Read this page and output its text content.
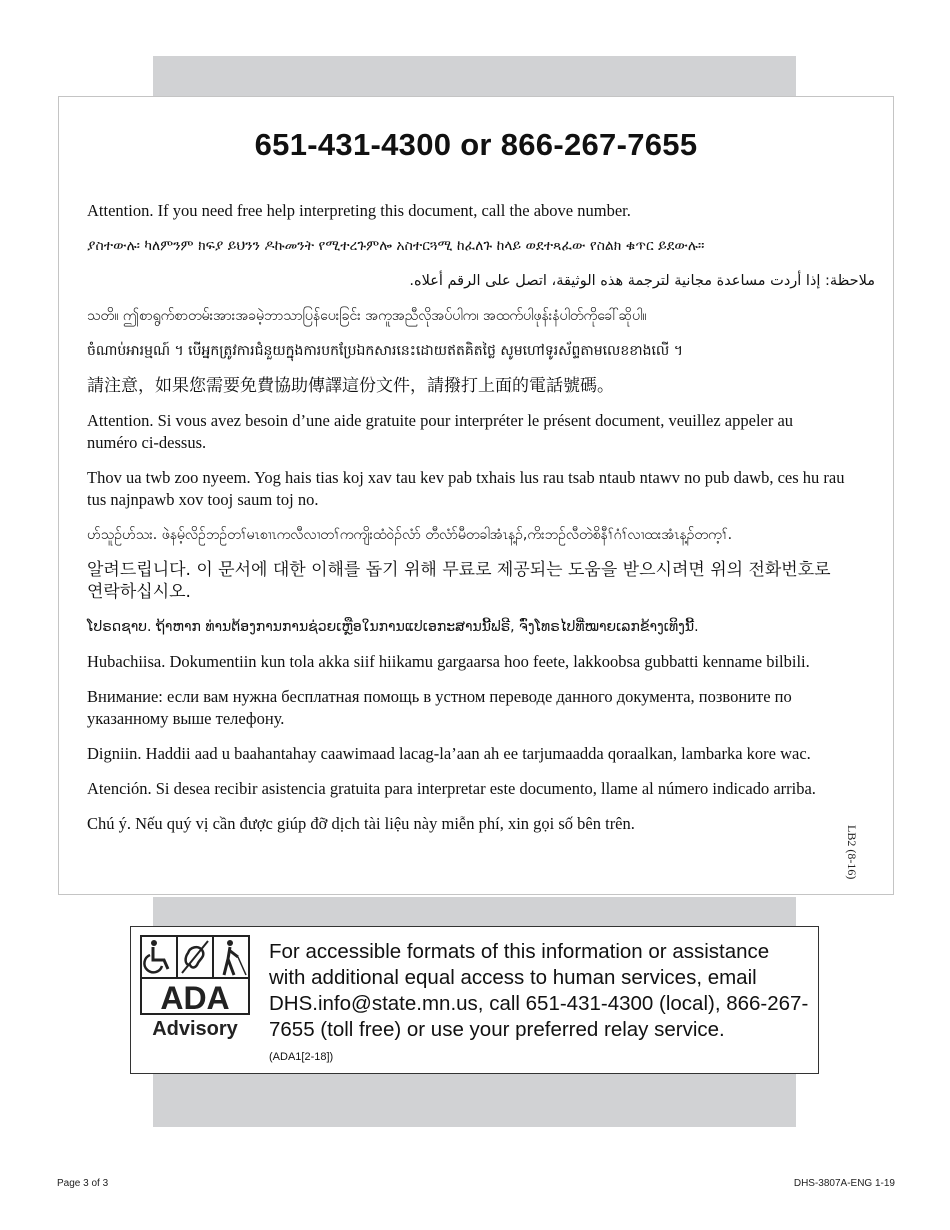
651-431-4300 or 866-267-7655

Attention. If you need free help interpreting this document, call the above number.

ያስተውሉ፡ ካለምንም ክፍያ ይህንን ዶኩመንት የሚተረጉምሎ አስተርጓሚ ከፈለጉ ከላይ ወደተጻፈው የስልክ ቁጥር ይደውሉ።

ملاحظة: إذا أردت مساعدة مجانية لترجمة هذه الوثيقة، اتصل على الرقم أعلاه.

သတိ။ ဤစာရွက်စာတမ်းအားအခမဲ့ဘာသာပြန်ပေးခြင်း အကူအညီလိုအပ်ပါက၊ အထက်ပါဖုန်းနံပါတ်ကိုခေါ်ဆိုပါ။

ចំណាប់អារម្មណ៍ ។ បើអ្នកត្រូវការជំនួយក្នុងការបកប្រែឯកសារនេះដោយឥតគិតថ្លៃ សូមហៅទូរស័ព្ទតាមលេខខាងលើ ។

請注意，如果您需要免費協助傳譯這份文件，請撥打上面的電話號碼。

Attention. Si vous avez besoin d’une aide gratuite pour interpréter le présent document, veuillez appeler au numéro ci-dessus.

Thov ua twb zoo nyeem. Yog hais tias koj xav tau kev pab txhais lus rau tsab ntaub ntawv no pub dawb, ces hu rau tus najnpawb xov tooj saum toj no.

ဟ်သူဉ်ဟ်သး. ဖဲနမ့်လိဉ်ဘဉ်တၢ်မၤစၢၤကလီလၢတၢ်ကကျိးထံဝဲၣ်လံာ် တီလံာ်မီတခါအံၤန့ၣ်,ကိးဘဉ်လီတဲစိနီၢ်ဂံၢ်လၢထးအံၤန့ၣ်တက့ၢ်.

알려드립니다. 이 문서에 대한 이해를 돕기 위해 무료로 제공되는 도움을 받으시려면 위의 전화번호로 연락하십시오.

ໂປຣດຊາບ. ຖ້າຫາກ ທ່ານຕ້ອງການການຊ່ວຍເຫຼືອໃນການແປເອກະສານນີ້ຟຣີ, ຈົ່ງໂທຣໄປທີ່ໝາຍເລກຂ້າງເທິງນີ້.

Hubachiisa. Dokumentiin kun tola akka siif hiikamu gargaarsa hoo feete, lakkoobsa gubbatti kenname bilbili.

Внимание: если вам нужна бесплатная помощь в устном переводе данного документа, позвоните по указанному выше телефону.

Digniin. Haddii aad u baahantahay caawimaad lacag-la’aan ah ee tarjumaadda qoraalkan, lambarka kore wac.

Atención. Si desea recibir asistencia gratuita para interpretar este documento, llame al número indicado arriba.

Chú ý. Nếu quý vị cần được giúp đỡ dịch tài liệu này miễn phí, xin gọi số bên trên.

LB2 (8-16)
ADA
Advisory
For accessible formats of this information or assistance with additional equal access to human services, email DHS.info@state.mn.us, call 651-431-4300 (local), 866-267-7655 (toll free) or use your preferred relay service.
(ADA1[2-18])
Page 3 of 3	DHS-3807A-ENG 1-19
